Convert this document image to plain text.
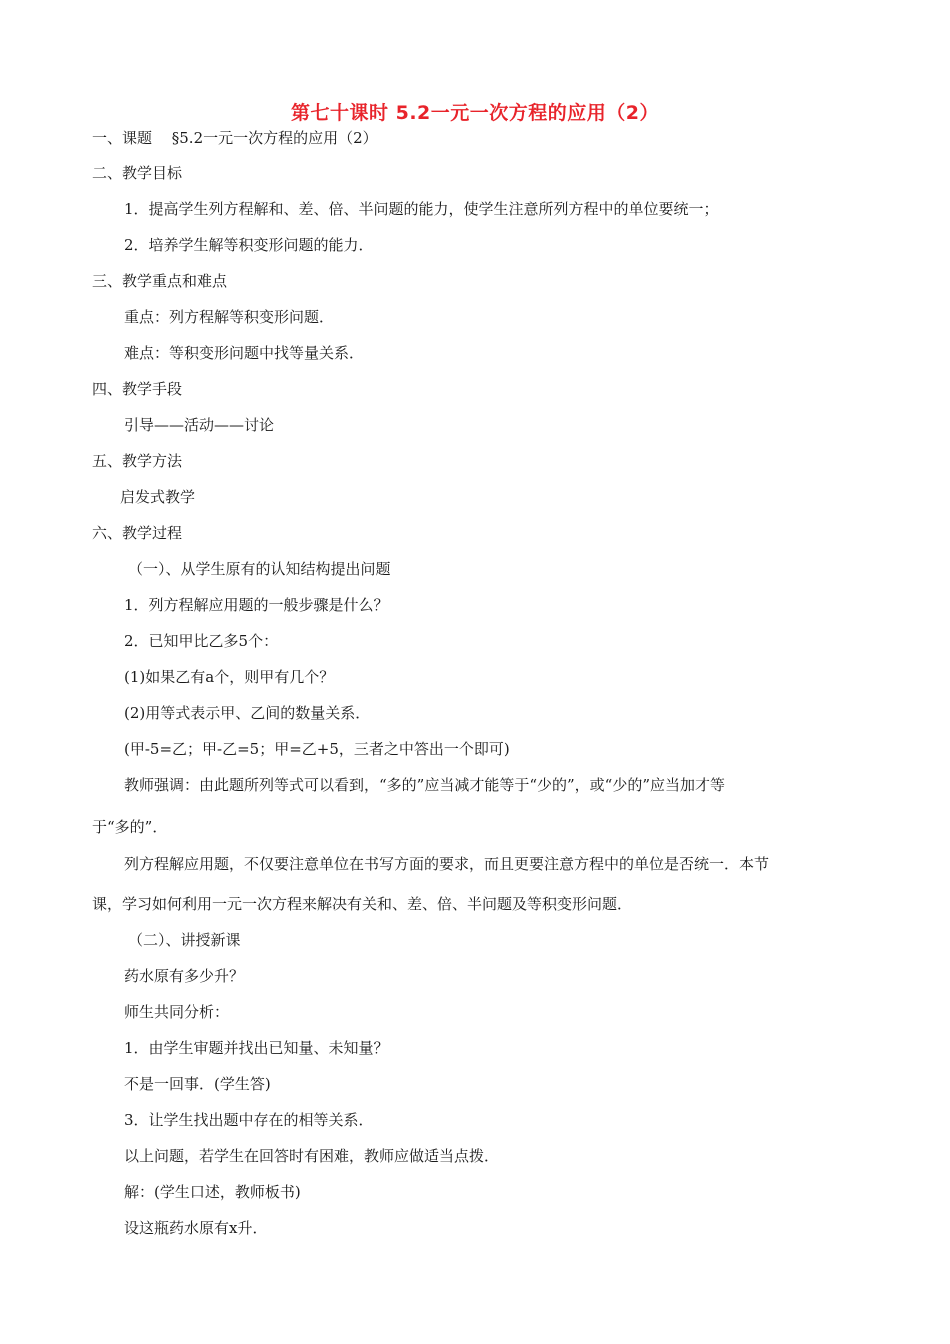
第七十课时 5.2一元一次方程的应用（2）
一、课题　 §5.2一元一次方程的应用（2）
二、教学目标
1．提高学生列方程解和、差、倍、半问题的能力，使学生注意所列方程中的单位要统一；
2．培养学生解等积变形问题的能力．
三、教学重点和难点
重点：列方程解等积变形问题．
难点：等积变形问题中找等量关系．
四、教学手段
引导——活动——讨论
五、教学方法
启发式教学
六、教学过程
（一）、从学生原有的认知结构提出问题
1．列方程解应用题的一般步骤是什么？
2．已知甲比乙多5个：
(1)如果乙有a个，则甲有几个？
(2)用等式表示甲、乙间的数量关系．
(甲-5=乙；甲-乙=5；甲=乙+5，三者之中答出一个即可)
教师强调：由此题所列等式可以看到，“多的”应当减才能等于“少的”，或“少的”应当加才等
于“多的”．
列方程解应用题，不仅要注意单位在书写方面的要求，而且更要注意方程中的单位是否统一．本节
课，学习如何利用一元一次方程来解决有关和、差、倍、半问题及等积变形问题．
（二）、讲授新课
药水原有多少升？
师生共同分析：
1．由学生审题并找出已知量、未知量？
不是一回事．(学生答)
3．让学生找出题中存在的相等关系．
以上问题，若学生在回答时有困难，教师应做适当点拨．
解：(学生口述，教师板书)
设这瓶药水原有x升．
